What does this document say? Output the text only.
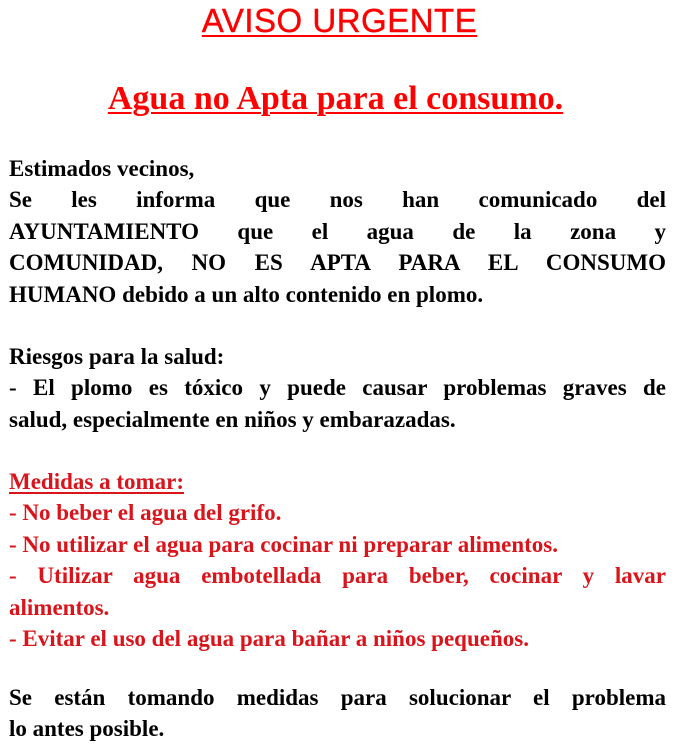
AVISO URGENTE
Agua no Apta para el consumo.
Estimados vecinos,
Se les informa que nos han comunicado del
AYUNTAMIENTO que el agua de la zona y
COMUNIDAD, NO ES APTA PARA EL CONSUMO
HUMANO debido a un alto contenido en plomo.
Riesgos para la salud:
- El plomo es tóxico y puede causar problemas graves de
salud, especialmente en niños y embarazadas.
Medidas a tomar:
- No beber el agua del grifo.
- No utilizar el agua para cocinar ni preparar alimentos.
- Utilizar agua embotellada para beber, cocinar y lavar
alimentos.
- Evitar el uso del agua para bañar a niños pequeños.
Se están tomando medidas para solucionar el problema
lo antes posible.
